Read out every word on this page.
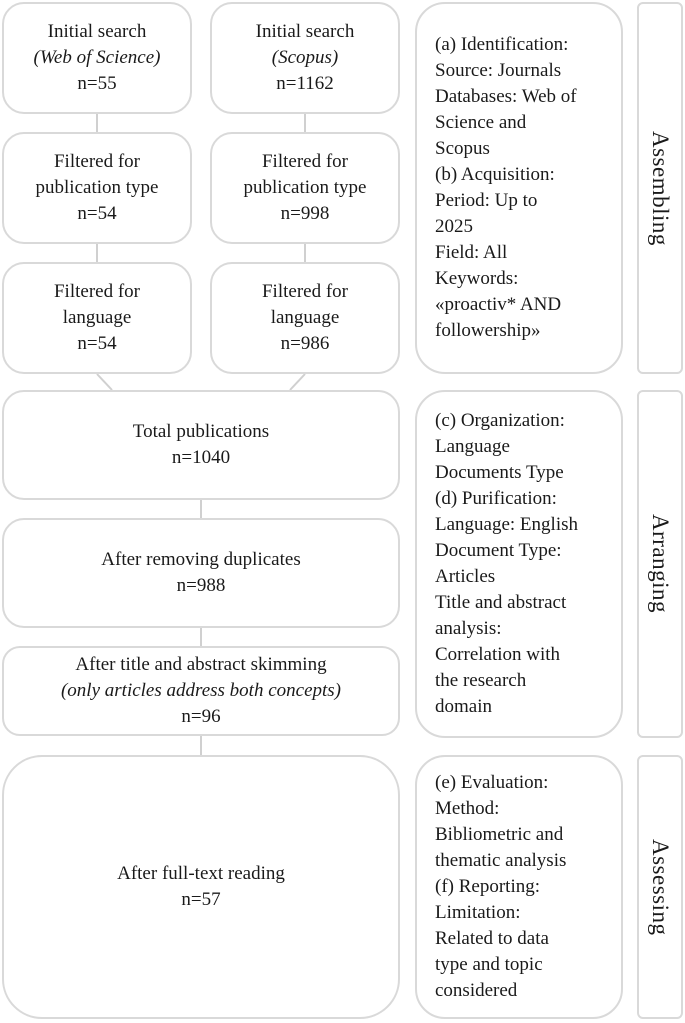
Initial search
(Web of Science)
n=55
Filtered for
publication type
n=54
Filtered for
language
n=54
Initial search
(Scopus)
n=1162
Filtered for
publication type
n=998
Filtered for
language
n=986
Total publications
n=1040
After removing duplicates
n=988
After title and abstract skimming
(only articles address both concepts)
n=96
After full-text reading
n=57
(a) Identification:
Source: Journals
Databases: Web of
Science and
Scopus
(b) Acquisition:
Period: Up to
2025
Field: All
Keywords:
«proactiv* AND
followership»
(c) Organization:
Language
Documents Type
(d) Purification:
Language: English
Document Type:
Articles
Title and abstract
analysis:
Correlation with
the research
domain
(e) Evaluation:
Method:
Bibliometric and
thematic analysis
(f) Reporting:
Limitation:
Related to data
type and topic
considered
Assembling
Arranging
Assessing
